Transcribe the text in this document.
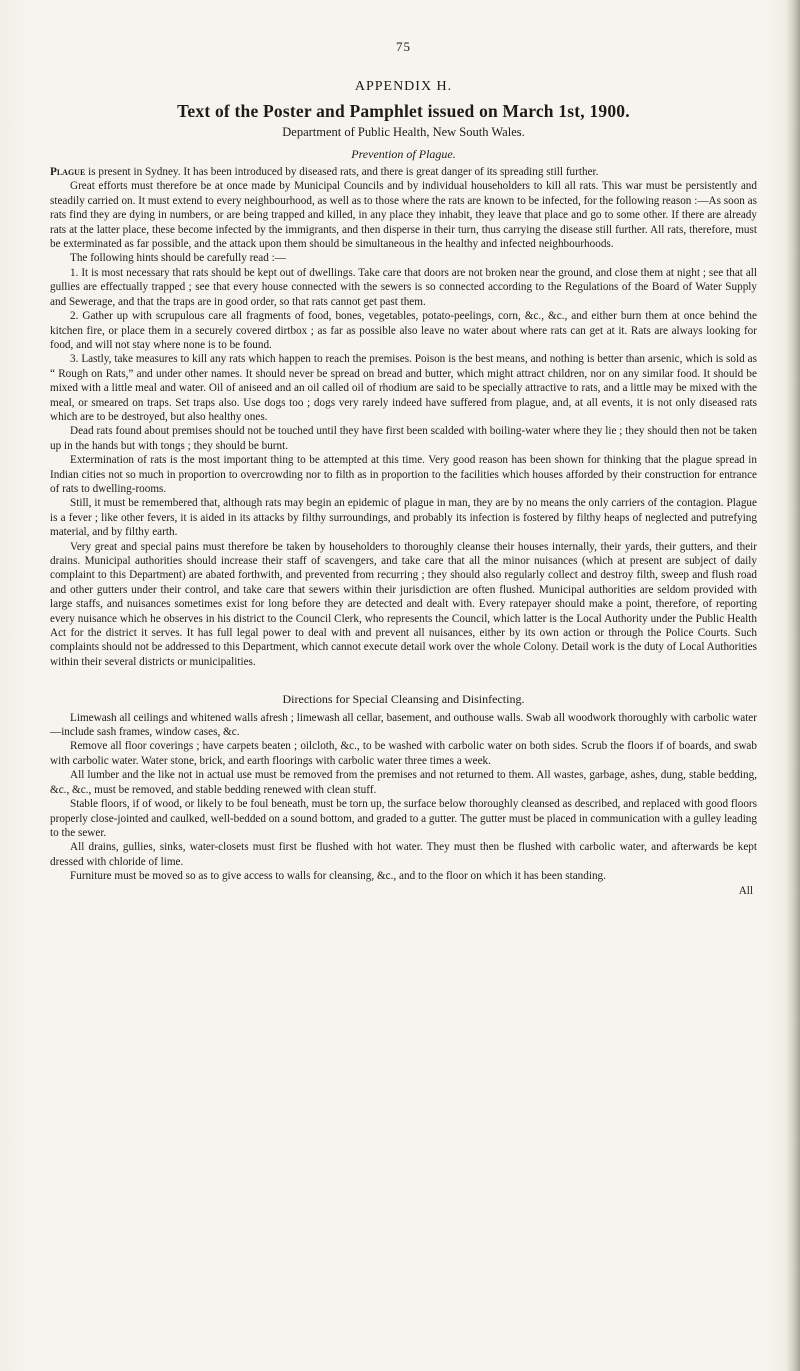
75
APPENDIX H.
Text of the Poster and Pamphlet issued on March 1st, 1900.
Department of Public Health, New South Wales.
Prevention of Plague.

Plague is present in Sydney. It has been introduced by diseased rats, and there is great danger of its spreading still further.

Great efforts must therefore be at once made by Municipal Councils and by individual householders to kill all rats. This war must be persistently and steadily carried on. It must extend to every neighbourhood, as well as to those where the rats are known to be infected, for the following reason :—As soon as rats find they are dying in numbers, or are being trapped and killed, in any place they inhabit, they leave that place and go to some other. If there are already rats at the latter place, these become infected by the immigrants, and then disperse in their turn, thus carrying the disease still further. All rats, therefore, must be exterminated as far possible, and the attack upon them should be simultaneous in the healthy and infected neighbourhoods.

The following hints should be carefully read :—

1. It is most necessary that rats should be kept out of dwellings. Take care that doors are not broken near the ground, and close them at night ; see that all gullies are effectually trapped ; see that every house connected with the sewers is so connected according to the Regulations of the Board of Water Supply and Sewerage, and that the traps are in good order, so that rats cannot get past them.

2. Gather up with scrupulous care all fragments of food, bones, vegetables, potato-peelings, corn, &c., &c., and either burn them at once behind the kitchen fire, or place them in a securely covered dirtbox ; as far as possible also leave no water about where rats can get at it. Rats are always looking for food, and will not stay where none is to be found.

3. Lastly, take measures to kill any rats which happen to reach the premises. Poison is the best means, and nothing is better than arsenic, which is sold as “ Rough on Rats,” and under other names. It should never be spread on bread and butter, which might attract children, nor on any similar food. It should be mixed with a little meal and water. Oil of aniseed and an oil called oil of rhodium are said to be specially attractive to rats, and a little may be mixed with the meal, or smeared on traps. Set traps also. Use dogs too ; dogs very rarely indeed have suffered from plague, and, at all events, it is not only diseased rats which are to be destroyed, but also healthy ones.

Dead rats found about premises should not be touched until they have first been scalded with boiling-water where they lie ; they should then not be taken up in the hands but with tongs ; they should be burnt.

Extermination of rats is the most important thing to be attempted at this time. Very good reason has been shown for thinking that the plague spread in Indian cities not so much in proportion to overcrowding nor to filth as in proportion to the facilities which houses afforded by their construction for entrance of rats to dwelling-rooms.

Still, it must be remembered that, although rats may begin an epidemic of plague in man, they are by no means the only carriers of the contagion. Plague is a fever ; like other fevers, it is aided in its attacks by filthy surroundings, and probably its infection is fostered by filthy heaps of neglected and putrefying material, and by filthy earth.

Very great and special pains must therefore be taken by householders to thoroughly cleanse their houses internally, their yards, their gutters, and their drains. Municipal authorities should increase their staff of scavengers, and take care that all the minor nuisances (which at present are subject of daily complaint to this Department) are abated forthwith, and prevented from recurring ; they should also regularly collect and destroy filth, sweep and flush road and other gutters under their control, and take care that sewers within their jurisdiction are often flushed. Municipal authorities are seldom provided with large staffs, and nuisances sometimes exist for long before they are detected and dealt with. Every ratepayer should make a point, therefore, of reporting every nuisance which he observes in his district to the Council Clerk, who represents the Council, which latter is the Local Authority under the Public Health Act for the district it serves. It has full legal power to deal with and prevent all nuisances, either by its own action or through the Police Courts. Such complaints should not be addressed to this Department, which cannot execute detail work over the whole Colony. Detail work is the duty of Local Authorities within their several districts or municipalities.

Directions for Special Cleansing and Disinfecting.

Limewash all ceilings and whitened walls afresh ; limewash all cellar, basement, and outhouse walls. Swab all woodwork thoroughly with carbolic water—include sash frames, window cases, &c.

Remove all floor coverings ; have carpets beaten ; oilcloth, &c., to be washed with carbolic water on both sides. Scrub the floors if of boards, and swab with carbolic water. Water stone, brick, and earth floorings with carbolic water three times a week.

All lumber and the like not in actual use must be removed from the premises and not returned to them. All wastes, garbage, ashes, dung, stable bedding, &c., &c., must be removed, and stable bedding renewed with clean stuff.

Stable floors, if of wood, or likely to be foul beneath, must be torn up, the surface below thoroughly cleansed as described, and replaced with good floors properly close-jointed and caulked, well-bedded on a sound bottom, and graded to a gutter. The gutter must be placed in communication with a gulley leading to the sewer.

All drains, gullies, sinks, water-closets must first be flushed with hot water. They must then be flushed with carbolic water, and afterwards be kept dressed with chloride of lime.

Furniture must be moved so as to give access to walls for cleansing, &c., and to the floor on which it has been standing.

All
